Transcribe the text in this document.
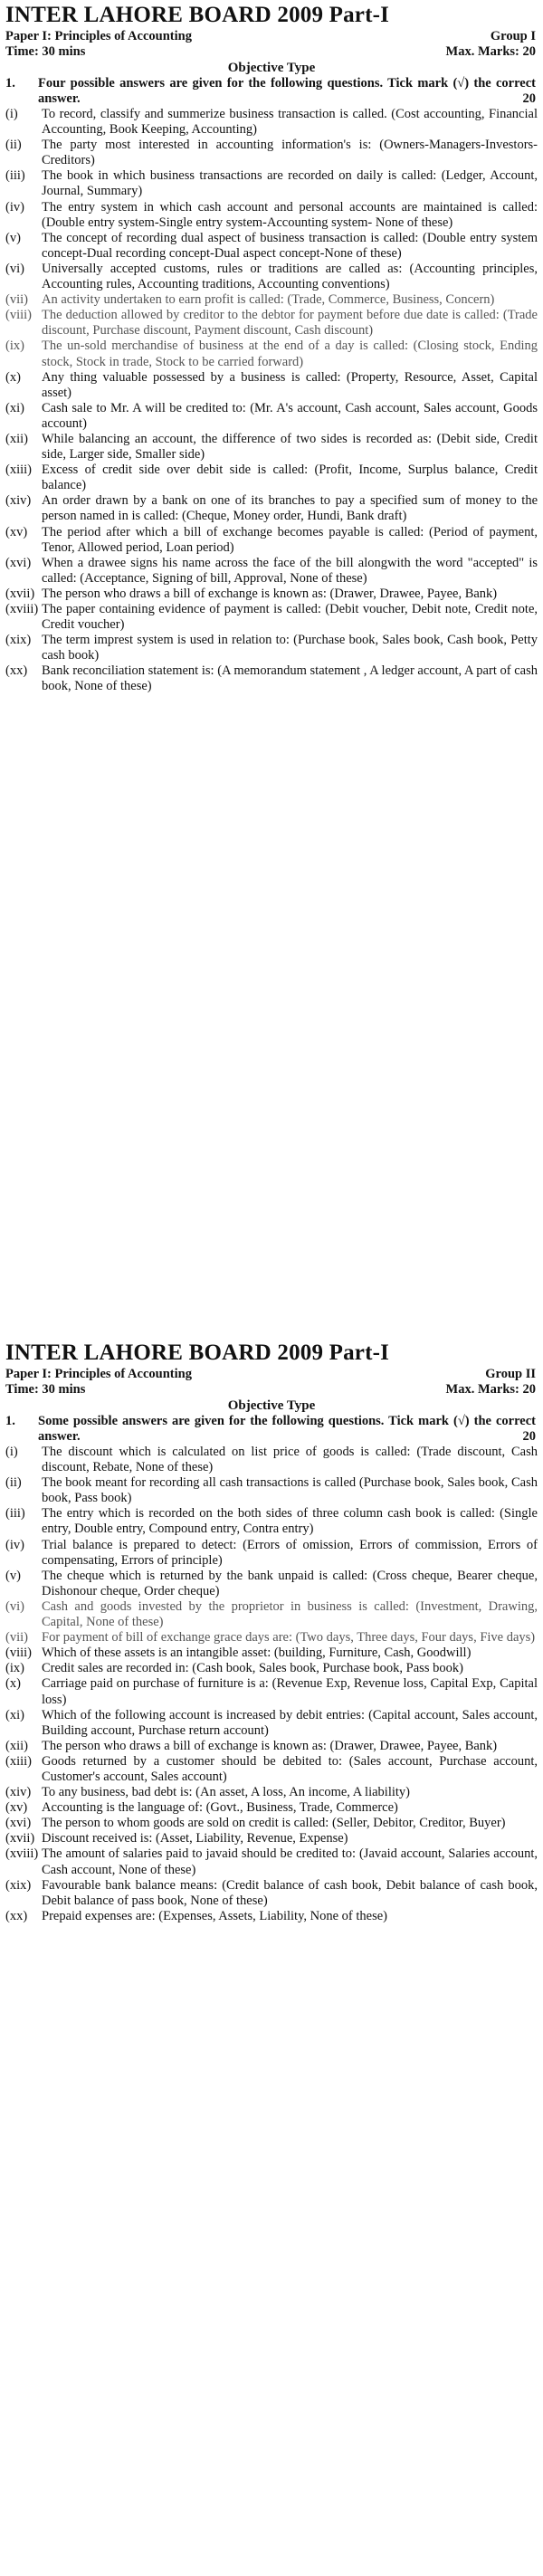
INTER LAHORE BOARD 2009 Part-I
Paper I: Principles of Accounting	Group I
Time: 30 mins	Max. Marks: 20
Objective Type
1.	Four possible answers are given for the following questions. Tick mark (√) the correct answer.	20
(i)	To record, classify and summerize business transaction is called. (Cost accounting, Financial Accounting, Book Keeping, Accounting)
(ii)	The party most interested in accounting information's is: (Owners-Managers-Investors-Creditors)
(iii)	The book in which business transactions are recorded on daily is called: (Ledger, Account, Journal, Summary)
(iv)	The entry system in which cash account and personal accounts are maintained is called: (Double entry system-Single entry system-Accounting system- None of these)
(v)	The concept of recording dual aspect of business transaction is called: (Double entry system concept-Dual recording concept-Dual aspect concept-None of these)
(vi)	Universally accepted customs, rules or traditions are called as: (Accounting principles, Accounting rules, Accounting traditions, Accounting conventions)
(vii)	An activity undertaken to earn profit is called: (Trade, Commerce, Business, Concern)
(viii) The deduction allowed by creditor to the debtor for payment before due date is called: (Trade discount, Purchase discount, Payment discount, Cash discount)
(ix)	The un-sold merchandise of business at the end of a day is called: (Closing stock, Ending stock, Stock in trade, Stock to be carried forward)
(x)	Any thing valuable possessed by a business is called: (Property, Resource, Asset, Capital asset)
(xi)	Cash sale to Mr. A will be credited to: (Mr. A's account, Cash account, Sales account, Goods account)
(xii)	While balancing an account, the difference of two sides is recorded as: (Debit side, Credit side, Larger side, Smaller side)
(xiii) Excess of credit side over debit side is called: (Profit, Income, Surplus balance, Credit balance)
(xiv) An order drawn by a bank on one of its branches to pay a specified sum of money to the person named in is called: (Cheque, Money order, Hundi, Bank draft)
(xv)	The period after which a bill of exchange becomes payable is called: (Period of payment, Tenor, Allowed period, Loan period)
(xvi) When a drawee signs his name across the face of the bill alongwith the word "accepted" is called: (Acceptance, Signing of bill, Approval, None of these)
(xvii) The person who draws a bill of exchange is known as: (Drawer, Drawee, Payee, Bank)
(xviii) The paper containing evidence of payment is called: (Debit voucher, Debit note, Credit note, Credit voucher)
(xix) The term imprest system is used in relation to: (Purchase book, Sales book, Cash book, Petty cash book)
(xx)	Bank reconciliation statement is: (A memorandum statement , A ledger account, A part of cash book, None of these)
INTER LAHORE BOARD 2009 Part-I
Paper I: Principles of Accounting	Group II
Time: 30 mins	Max. Marks: 20
Objective Type
1.	Some possible answers are given for the following questions. Tick mark (√) the correct answer.	20
(i)	The discount which is calculated on list price of goods is called: (Trade discount, Cash discount, Rebate, None of these)
(ii)	The book meant for recording all cash transactions is called (Purchase book, Sales book, Cash book, Pass book)
(iii)	The entry which is recorded on the both sides of three column cash book is called: (Single entry, Double entry, Compound entry, Contra entry)
(iv)	Trial balance is prepared to detect: (Errors of omission, Errors of commission, Errors of compensating, Errors of principle)
(v)	The cheque which is returned by the bank unpaid is called: (Cross cheque, Bearer cheque, Dishonour cheque, Order cheque)
(vi)	Cash and goods invested by the proprietor in business is called: (Investment, Drawing, Capital, None of these)
(vii)	For payment of bill of exchange grace days are: (Two days, Three days, Four days, Five days)
(viii) Which of these assets is an intangible asset: (building, Furniture, Cash, Goodwill)
(ix)	Credit sales are recorded in: (Cash book, Sales book, Purchase book, Pass book)
(x)	Carriage paid on purchase of furniture is a: (Revenue Exp, Revenue loss, Capital Exp, Capital loss)
(xi)	Which of the following account is increased by debit entries: (Capital account, Sales account, Building account, Purchase return account)
(xii)	The person who draws a bill of exchange is known as: (Drawer, Drawee, Payee, Bank)
(xiii) Goods returned by a customer should be debited to: (Sales account, Purchase account, Customer's account, Sales account)
(xiv) To any business, bad debt is: (An asset, A loss, An income, A liability)
(xv)	Accounting is the language of: (Govt., Business, Trade, Commerce)
(xvi) The person to whom goods are sold on credit is called: (Seller, Debitor, Creditor, Buyer)
(xvii) Discount received is: (Asset, Liability, Revenue, Expense)
(xviii) The amount of salaries paid to javaid should be credited to: (Javaid account, Salaries account, Cash account, None of these)
(xix) Favourable bank balance means: (Credit balance of cash book, Debit balance of cash book, Debit balance of pass book, None of these)
(xx)	Prepaid expenses are: (Expenses, Assets, Liability, None of these)
